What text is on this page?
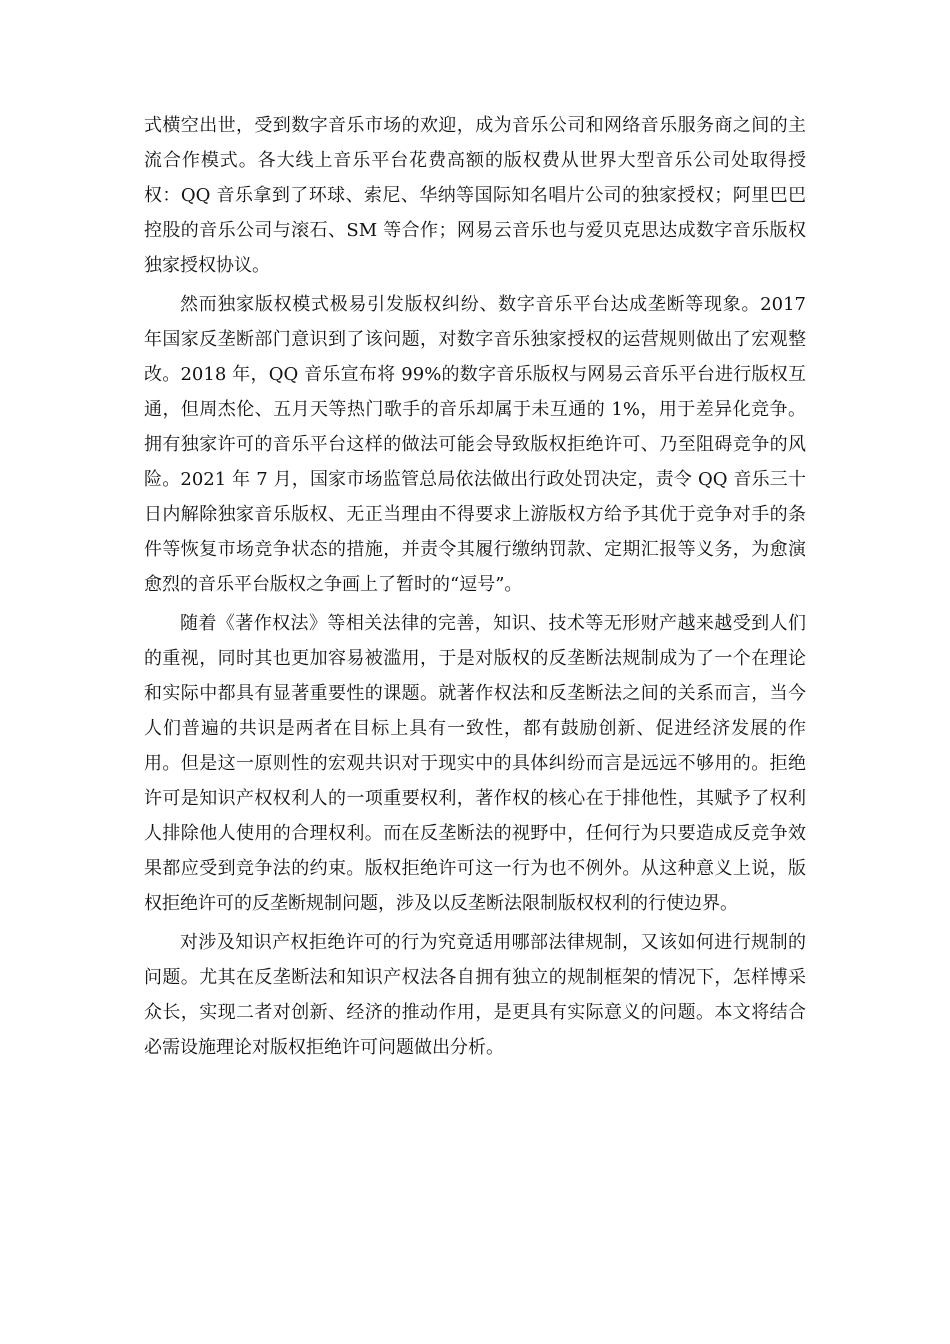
式横空出世，受到数字音乐市场的欢迎，成为音乐公司和网络音乐服务商之间的主流合作模式。各大线上音乐平台花费高额的版权费从世界大型音乐公司处取得授权：QQ 音乐拿到了环球、索尼、华纳等国际知名唱片公司的独家授权；阿里巴巴控股的音乐公司与滚石、SM 等合作；网易云音乐也与爱贝克思达成数字音乐版权独家授权协议。

然而独家版权模式极易引发版权纠纷、数字音乐平台达成垄断等现象。2017 年国家反垄断部门意识到了该问题，对数字音乐独家授权的运营规则做出了宏观整改。2018 年，QQ 音乐宣布将 99%的数字音乐版权与网易云音乐平台进行版权互通，但周杰伦、五月天等热门歌手的音乐却属于未互通的 1%，用于差异化竞争。拥有独家许可的音乐平台这样的做法可能会导致版权拒绝许可、乃至阻碍竞争的风险。2021 年 7 月，国家市场监管总局依法做出行政处罚决定，责令 QQ 音乐三十日内解除独家音乐版权、无正当理由不得要求上游版权方给予其优于竞争对手的条件等恢复市场竞争状态的措施，并责令其履行缴纳罚款、定期汇报等义务，为愈演愈烈的音乐平台版权之争画上了暂时的“逗号”。

随着《著作权法》等相关法律的完善，知识、技术等无形财产越来越受到人们的重视，同时其也更加容易被滥用，于是对版权的反垄断法规制成为了一个在理论和实际中都具有显著重要性的课题。就著作权法和反垄断法之间的关系而言，当今人们普遍的共识是两者在目标上具有一致性，都有鼓励创新、促进经济发展的作用。但是这一原则性的宏观共识对于现实中的具体纠纷而言是远远不够用的。拒绝许可是知识产权权利人的一项重要权利，著作权的核心在于排他性，其赋予了权利人排除他人使用的合理权利。而在反垄断法的视野中，任何行为只要造成反竞争效果都应受到竞争法的约束。版权拒绝许可这一行为也不例外。从这种意义上说，版权拒绝许可的反垄断规制问题，涉及以反垄断法限制版权权利的行使边界。

对涉及知识产权拒绝许可的行为究竟适用哪部法律规制，又该如何进行规制的问题。尤其在反垄断法和知识产权法各自拥有独立的规制框架的情况下，怎样博采众长，实现二者对创新、经济的推动作用，是更具有实际意义的问题。本文将结合必需设施理论对版权拒绝许可问题做出分析。
